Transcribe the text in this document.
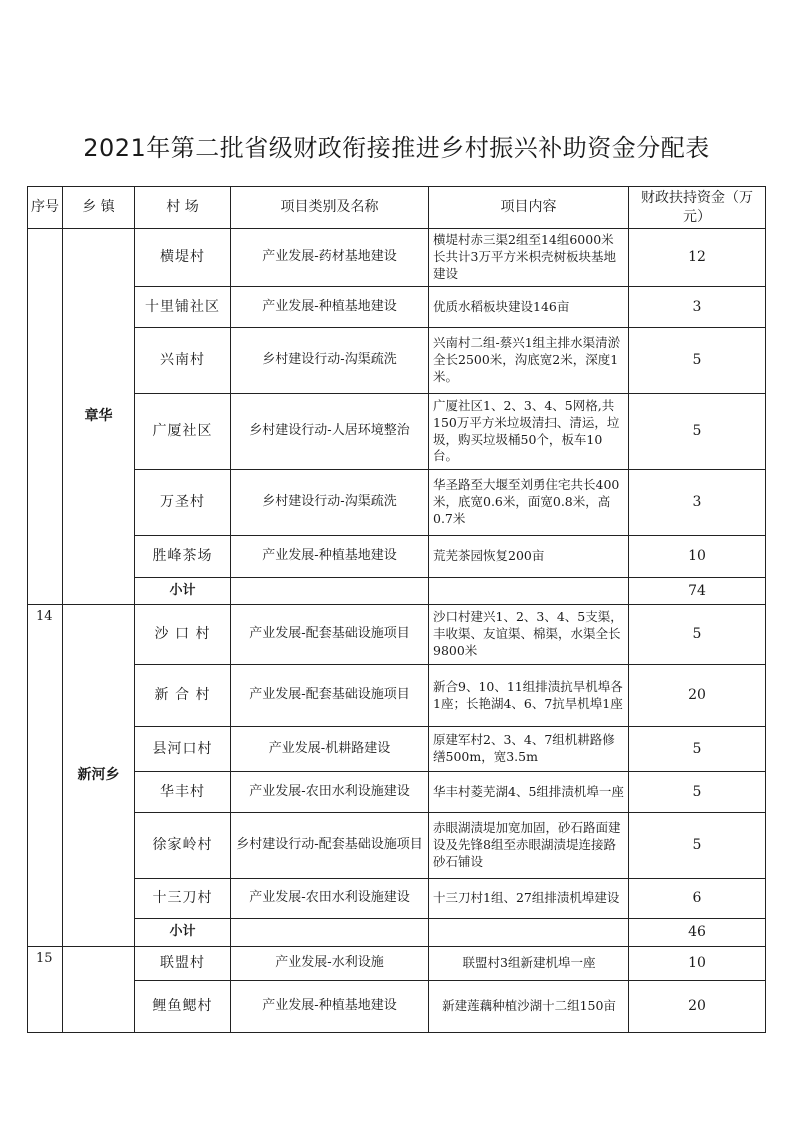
2021年第二批省级财政衔接推进乡村振兴补助资金分配表
序号	乡 镇	村 场	项目类别及名称	项目内容	财政扶持资金（万元）
	章华	横堤村	产业发展-药材基地建设	横堤村赤三渠2组至14组6000米长共计3万平方米枳壳树板块基地建设	12
		十里铺社区	产业发展-种植基地建设	优质水稻板块建设146亩	3
		兴南村	乡村建设行动-沟渠疏洗	兴南村二组-蔡兴1组主排水渠清淤全长2500米，沟底宽2米，深度1米。	5
		广厦社区	乡村建设行动-人居环境整治	广厦社区1、2、3、4、5网格,共150万平方米垃圾清扫、清运，垃圾，购买垃圾桶50个，板车10台。	5
		万圣村	乡村建设行动-沟渠疏洗	华圣路至大堰至刘勇住宅共长400米，底宽0.6米，面宽0.8米，高0.7米	3
		胜峰茶场	产业发展-种植基地建设	荒芜茶园恢复200亩	10
		小计			74
14	新河乡	沙 口 村	产业发展-配套基础设施项目	沙口村建兴1、2、3、4、5支渠，丰收渠、友谊渠、棉渠，水渠全长9800米	5
		新 合 村	产业发展-配套基础设施项目	新合9、10、11组排渍抗旱机埠各1座；长艳湖4、6、7抗旱机埠1座	20
		县河口村	产业发展-机耕路建设	原建军村2、3、4、7组机耕路修缮500m，宽3.5m	5
		华丰村	产业发展-农田水利设施建设	华丰村菱芜湖4、5组排渍机埠一座	5
		徐家岭村	乡村建设行动-配套基础设施项目	赤眼湖渍堤加宽加固，砂石路面建设及先锋8组至赤眼湖渍堤连接路砂石铺设	5
		十三刀村	产业发展-农田水利设施建设	十三刀村1组、27组排渍机埠建设	6
		小计			46
15		联盟村	产业发展-水利设施	联盟村3组新建机埠一座	10
		鲤鱼鳃村	产业发展-种植基地建设	新建莲藕种植沙湖十二组150亩	20
